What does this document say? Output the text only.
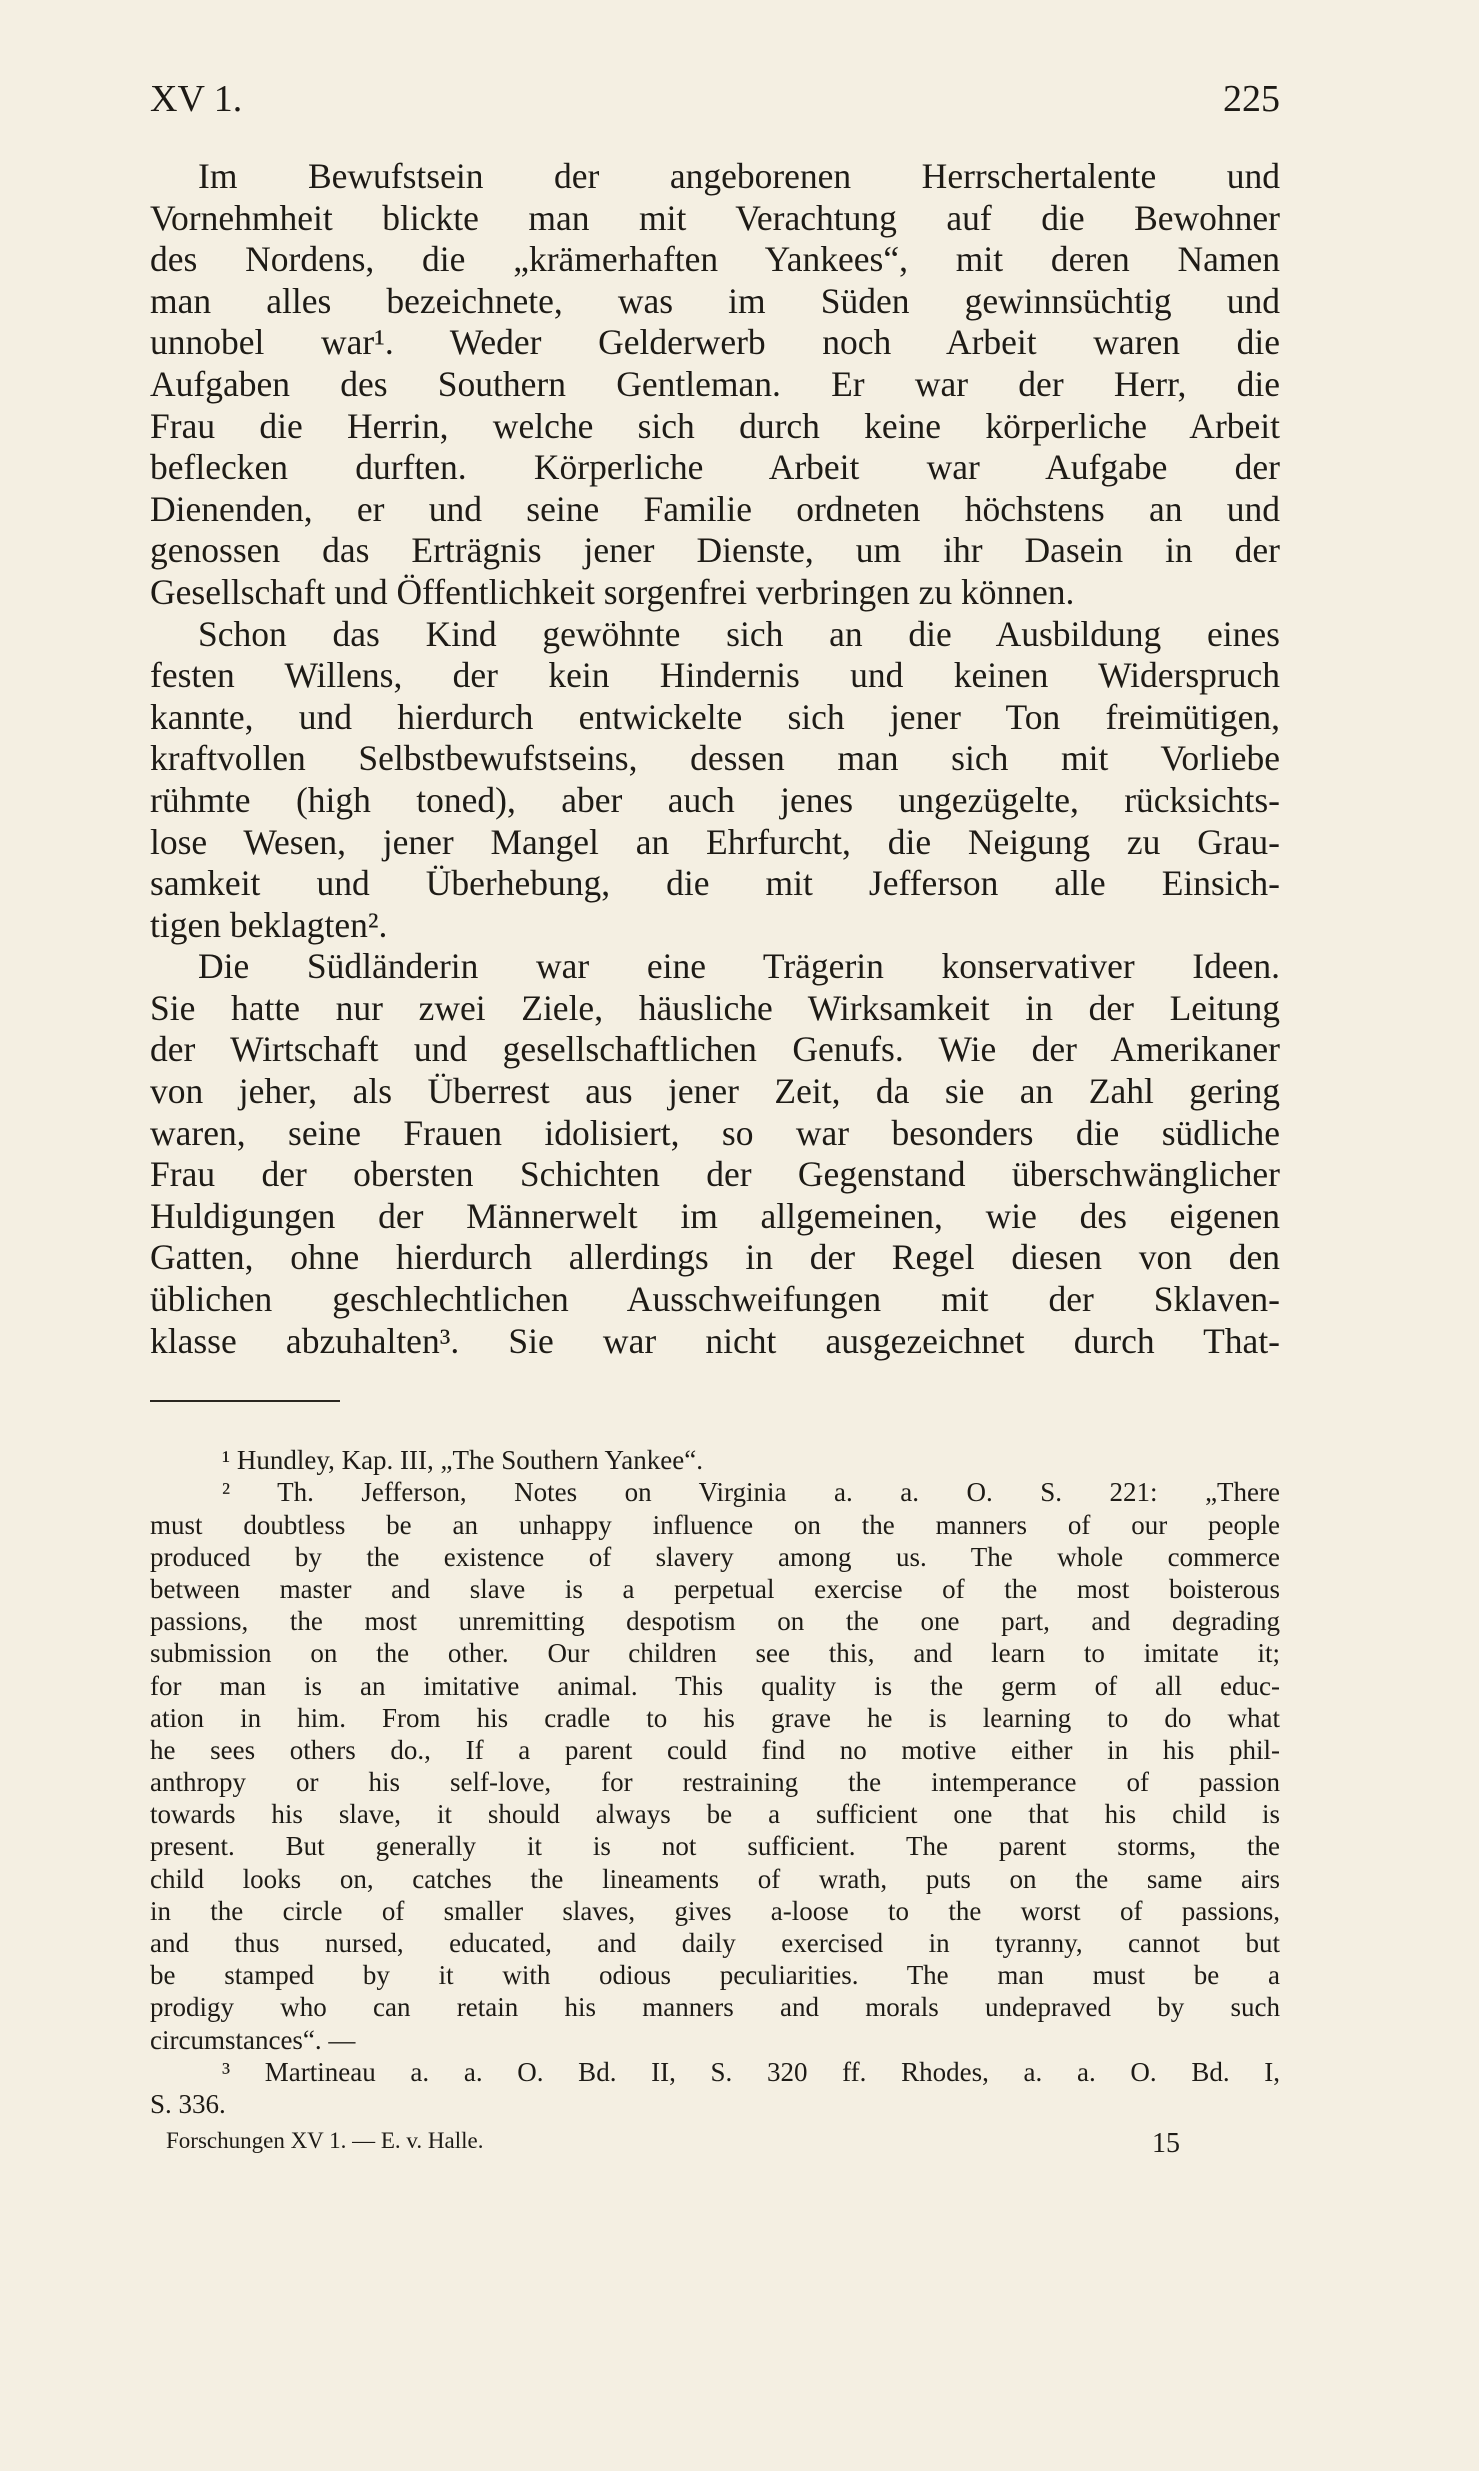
XV 1.	225
Im Bewufstsein der angeborenen Herrschertalente und
Vornehmheit blickte man mit Verachtung auf die Bewohner
des Nordens, die „krämerhaften Yankees“, mit deren Namen
man alles bezeichnete, was im Süden gewinnsüchtig und
unnobel war¹. Weder Gelderwerb noch Arbeit waren die
Aufgaben des Southern Gentleman. Er war der Herr, die
Frau die Herrin, welche sich durch keine körperliche Arbeit
beflecken durften. Körperliche Arbeit war Aufgabe der
Dienenden, er und seine Familie ordneten höchstens an und
genossen das Erträgnis jener Dienste, um ihr Dasein in der
Gesellschaft und Öffentlichkeit sorgenfrei verbringen zu können.
Schon das Kind gewöhnte sich an die Ausbildung eines
festen Willens, der kein Hindernis und keinen Widerspruch
kannte, und hierdurch entwickelte sich jener Ton freimütigen,
kraftvollen Selbstbewufstseins, dessen man sich mit Vorliebe
rühmte (high toned), aber auch jenes ungezügelte, rücksichts-
lose Wesen, jener Mangel an Ehrfurcht, die Neigung zu Grau-
samkeit und Überhebung, die mit Jefferson alle Einsich-
tigen beklagten².
Die Südländerin war eine Trägerin konservativer Ideen.
Sie hatte nur zwei Ziele, häusliche Wirksamkeit in der Leitung
der Wirtschaft und gesellschaftlichen Genufs. Wie der Amerikaner
von jeher, als Überrest aus jener Zeit, da sie an Zahl gering
waren, seine Frauen idolisiert, so war besonders die südliche
Frau der obersten Schichten der Gegenstand überschwänglicher
Huldigungen der Männerwelt im allgemeinen, wie des eigenen
Gatten, ohne hierdurch allerdings in der Regel diesen von den
üblichen geschlechtlichen Ausschweifungen mit der Sklaven-
klasse abzuhalten³. Sie war nicht ausgezeichnet durch That-
¹ Hundley, Kap. III, „The Southern Yankee“.
² Th. Jefferson, Notes on Virginia a. a. O. S. 221: „There
must doubtless be an unhappy influence on the manners of our people
produced by the existence of slavery among us. The whole commerce
between master and slave is a perpetual exercise of the most boisterous
passions, the most unremitting despotism on the one part, and degrading
submission on the other. Our children see this, and learn to imitate it;
for man is an imitative animal. This quality is the germ of all educ-
ation in him. From his cradle to his grave he is learning to do what
he sees others do., If a parent could find no motive either in his phil-
anthropy or his self-love, for restraining the intemperance of passion
towards his slave, it should always be a sufficient one that his child is
present. But generally it is not sufficient. The parent storms, the
child looks on, catches the lineaments of wrath, puts on the same airs
in the circle of smaller slaves, gives a-loose to the worst of passions,
and thus nursed, educated, and daily exercised in tyranny, cannot but
be stamped by it with odious peculiarities. The man must be a
prodigy who can retain his manners and morals undepraved by such
circumstances“. —
³ Martineau a. a. O. Bd. II, S. 320 ff. Rhodes, a. a. O. Bd. I,
S. 336.
Forschungen XV 1. — E. v. Halle.	15
